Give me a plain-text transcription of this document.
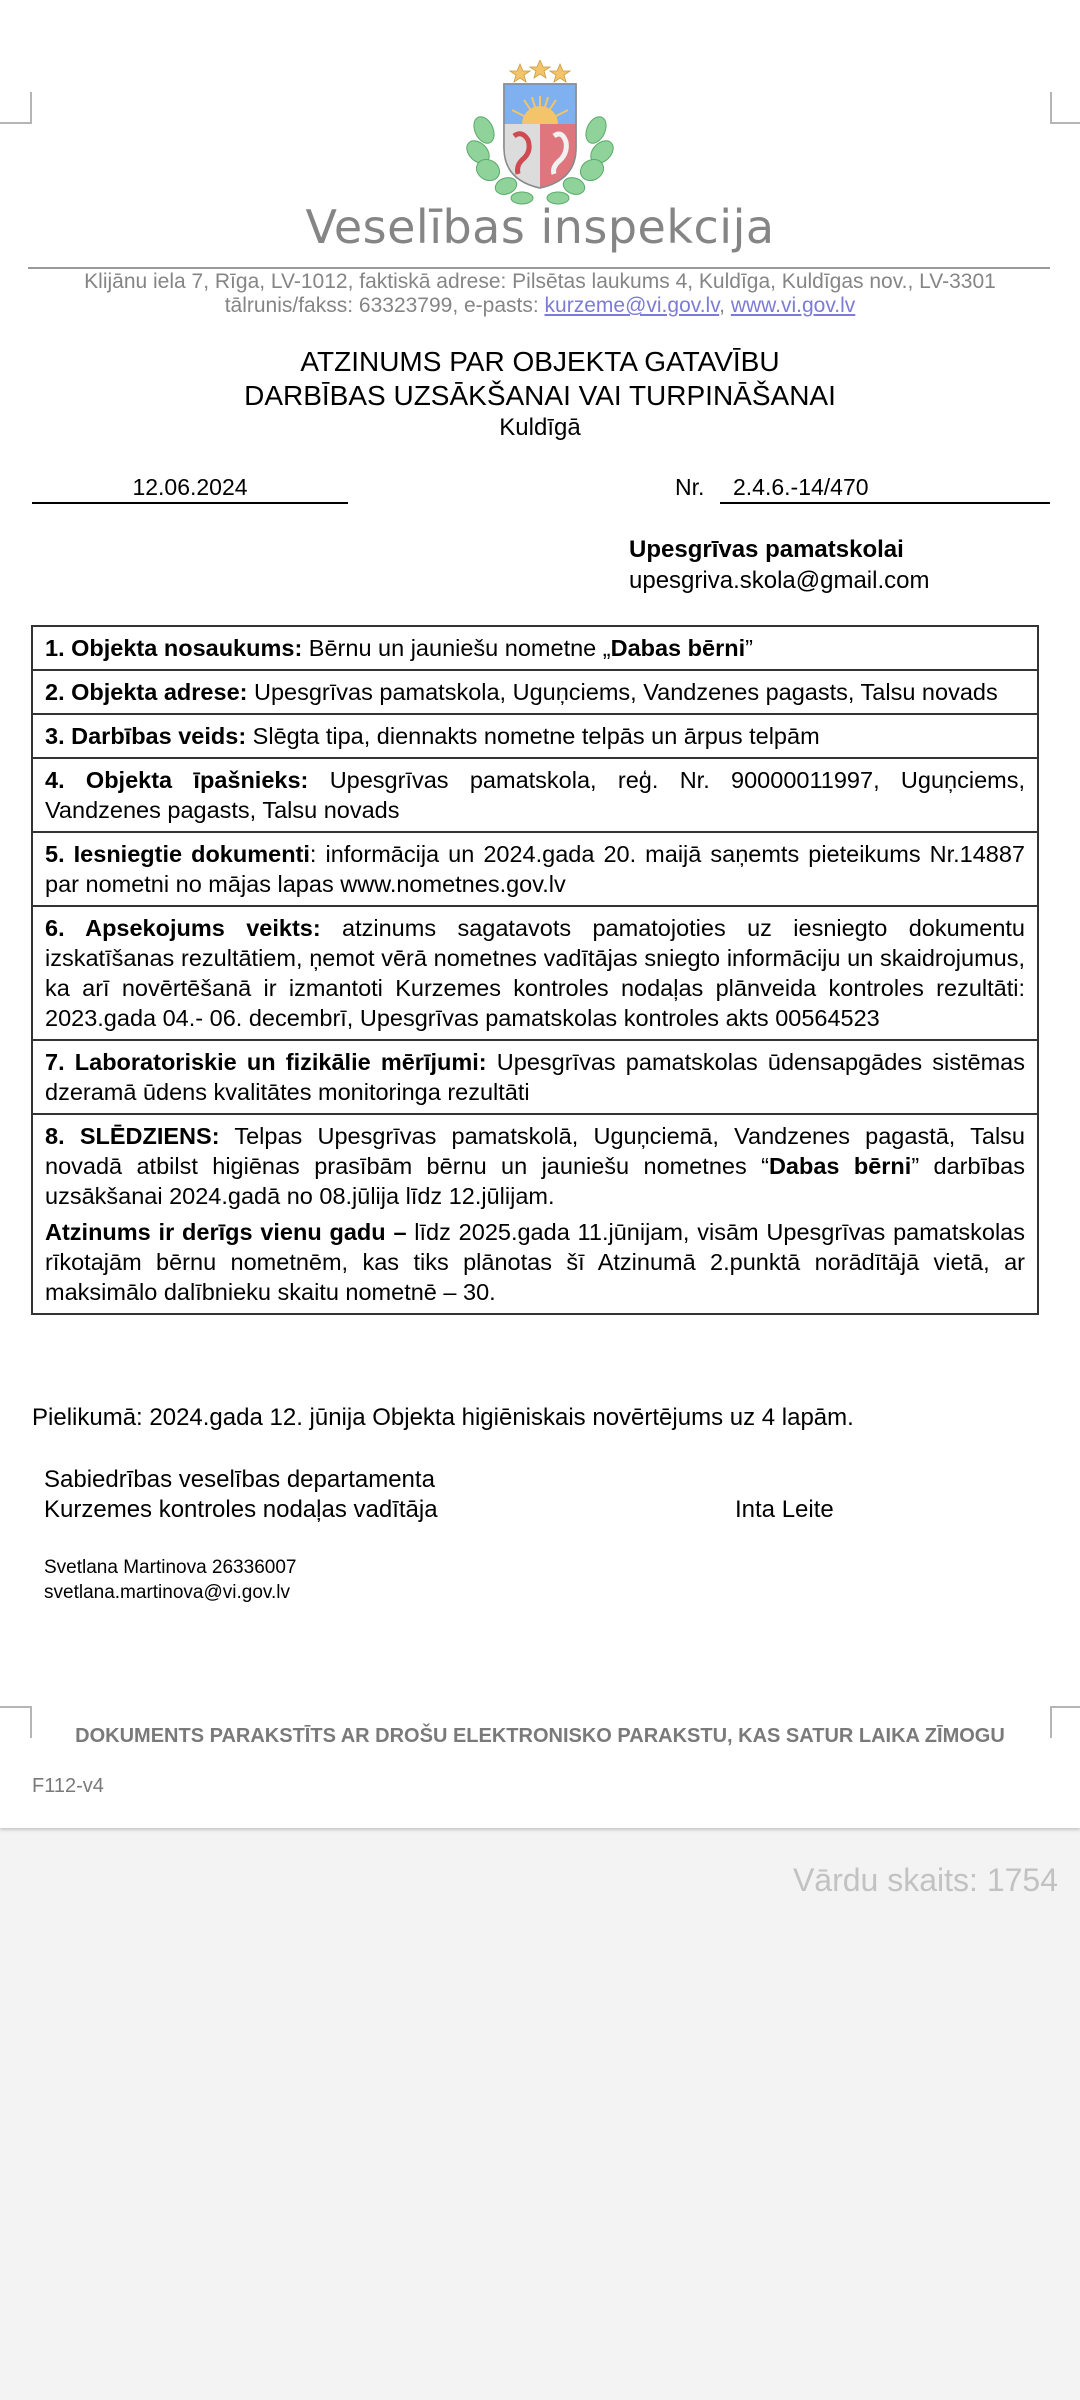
Veselības inspekcija
Klijānu iela 7, Rīga, LV-1012, faktiskā adrese: Pilsētas laukums 4, Kuldīga, Kuldīgas nov., LV-3301
tālrunis/fakss: 63323799, e-pasts: kurzeme@vi.gov.lv, www.vi.gov.lv
ATZINUMS PAR OBJEKTA GATAVĪBU
DARBĪBAS UZSĀKŠANAI VAI TURPINĀŠANAI
Kuldīgā
12.06.2024	Nr. 2.4.6.-14/470
Upesgrīvas pamatskolai
upesgriva.skola@gmail.com
1. Objekta nosaukums: Bērnu un jauniešu nometne „Dabas bērni”
2. Objekta adrese: Upesgrīvas pamatskola, Uguņciems, Vandzenes pagasts, Talsu novads
3. Darbības veids: Slēgta tipa, diennakts nometne telpās un ārpus telpām
4. Objekta īpašnieks: Upesgrīvas pamatskola, reģ. Nr. 90000011997, Uguņciems, Vandzenes pagasts, Talsu novads
5. Iesniegtie dokumenti: informācija un 2024.gada 20. maijā saņemts pieteikums Nr.14887 par nometni no mājas lapas www.nometnes.gov.lv
6. Apsekojums veikts: atzinums sagatavots pamatojoties uz iesniegto dokumentu izskatīšanas rezultātiem, ņemot vērā nometnes vadītājas sniegto informāciju un skaidrojumus, ka arī novērtēšanā ir izmantoti Kurzemes kontroles nodaļas plānveida kontroles rezultāti: 2023.gada 04.- 06. decembrī, Upesgrīvas pamatskolas kontroles akts 00564523
7. Laboratoriskie un fizikālie mērījumi: Upesgrīvas pamatskolas ūdensapgādes sistēmas dzeramā ūdens kvalitātes monitoringa rezultāti

8. SLĒDZIENS: Telpas Upesgrīvas pamatskolā, Uguņciemā, Vandzenes pagastā, Talsu novadā atbilst higiēnas prasībām bērnu un jauniešu nometnes “Dabas bērni” darbības uzsākšanai 2024.gadā no 08.jūlija līdz 12.jūlijam.

Atzinums ir derīgs vienu gadu – līdz 2025.gada 11.jūnijam, visām Upesgrīvas pamatskolas rīkotajām bērnu nometnēm, kas tiks plānotas šī Atzinumā 2.punktā norādītājā vietā, ar maksimālo dalībnieku skaitu nometnē – 30.

Pielikumā: 2024.gada 12. jūnija Objekta higiēniskais novērtējums uz 4 lapām.
Sabiedrības veselības departamenta
Kurzemes kontroles nodaļas vadītāja	Inta Leite
Svetlana Martinova 26336007
svetlana.martinova@vi.gov.lv
DOKUMENTS PARAKSTĪTS AR DROŠU ELEKTRONISKO PARAKSTU, KAS SATUR LAIKA ZĪMOGU
F112-v4
Vārdu skaits: 1754
